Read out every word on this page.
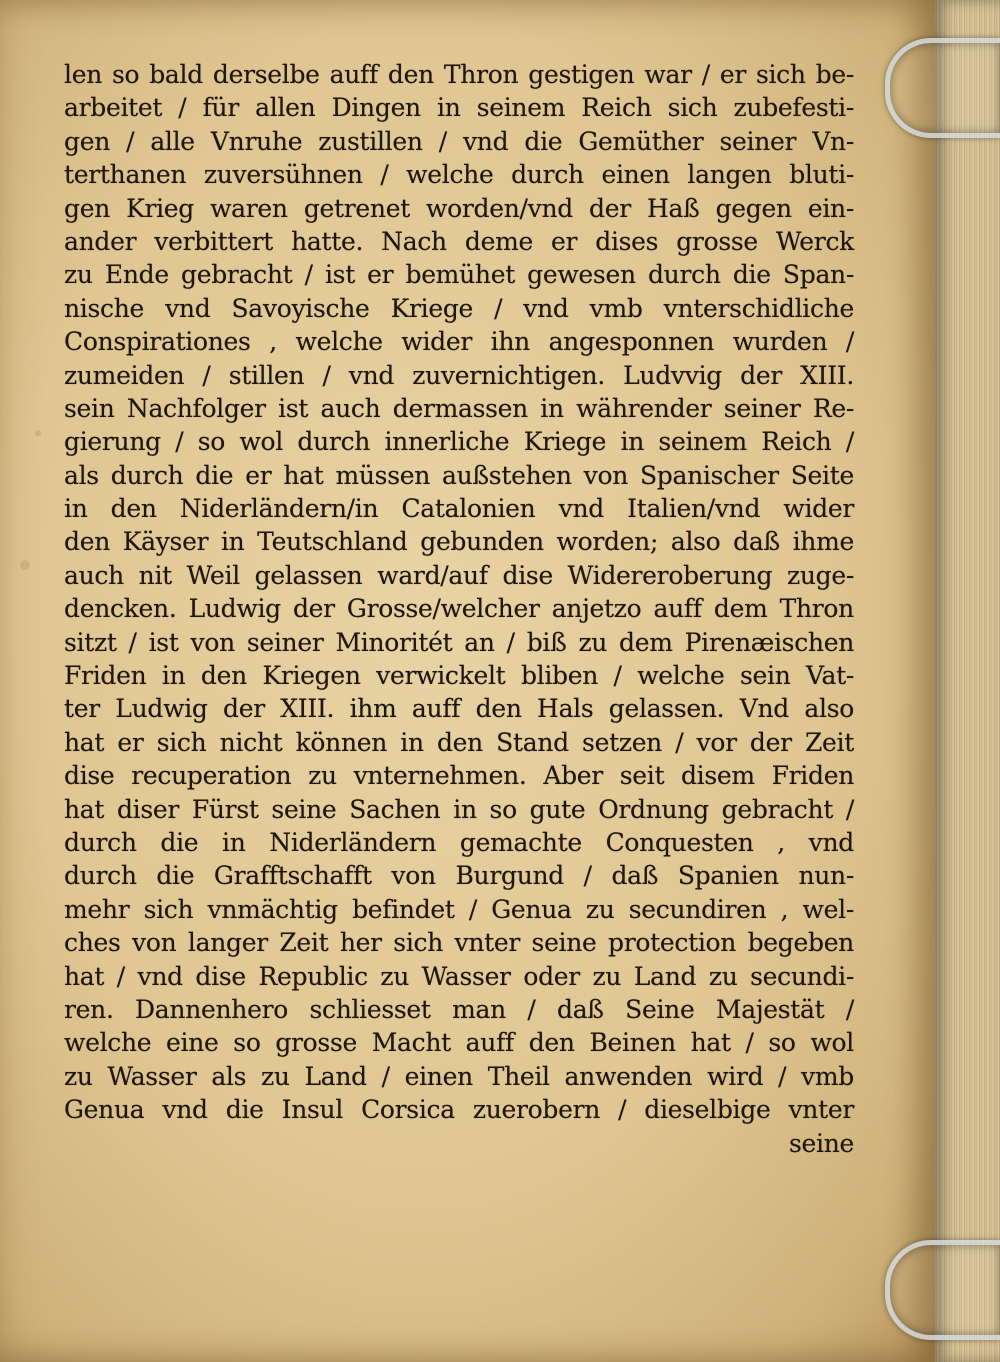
len so bald derselbe auff den Thron gestigen war / er sich be-
arbeitet / für allen Dingen in seinem Reich sich zubefesti-
gen / alle Vnruhe zustillen / vnd die Gemüther seiner Vn-
terthanen zuversühnen / welche durch einen langen bluti-
gen Krieg waren getrenet worden/vnd der Haß gegen ein-
ander verbittert hatte. Nach deme er dises grosse Werck
zu Ende gebracht / ist er bemühet gewesen durch die Span-
nische vnd Savoyische Kriege / vnd vmb vnterschidliche
Conspirationes , welche wider ihn angesponnen wurden /
zumeiden / stillen / vnd zuvernichtigen. Ludvvig der XIII.
sein Nachfolger ist auch dermassen in währender seiner Re-
gierung / so wol durch innerliche Kriege in seinem Reich /
als durch die er hat müssen außstehen von Spanischer Seite
in den Niderländern/in Catalonien vnd Italien/vnd wider
den Käyser in Teutschland gebunden worden; also daß ihme
auch nit Weil gelassen ward/auf dise Widereroberung zuge-
dencken. Ludwig der Grosse/welcher anjetzo auff dem Thron
sitzt / ist von seiner Minoritét an / biß zu dem Pirenæischen
Friden in den Kriegen verwickelt bliben / welche sein Vat-
ter Ludwig der XIII. ihm auff den Hals gelassen. Vnd also
hat er sich nicht können in den Stand setzen / vor der Zeit
dise recuperation zu vnternehmen. Aber seit disem Friden
hat diser Fürst seine Sachen in so gute Ordnung gebracht /
durch die in Niderländern gemachte Conquesten , vnd
durch die Grafftschafft von Burgund / daß Spanien nun-
mehr sich vnmächtig befindet / Genua zu secundiren , wel-
ches von langer Zeit her sich vnter seine protection begeben
hat / vnd dise Republic zu Wasser oder zu Land zu secundi-
ren. Dannenhero schliesset man / daß Seine Majestät /
welche eine so grosse Macht auff den Beinen hat / so wol
zu Wasser als zu Land / einen Theil anwenden wird / vmb
Genua vnd die Insul Corsica zuerobern / dieselbige vnter
seine
